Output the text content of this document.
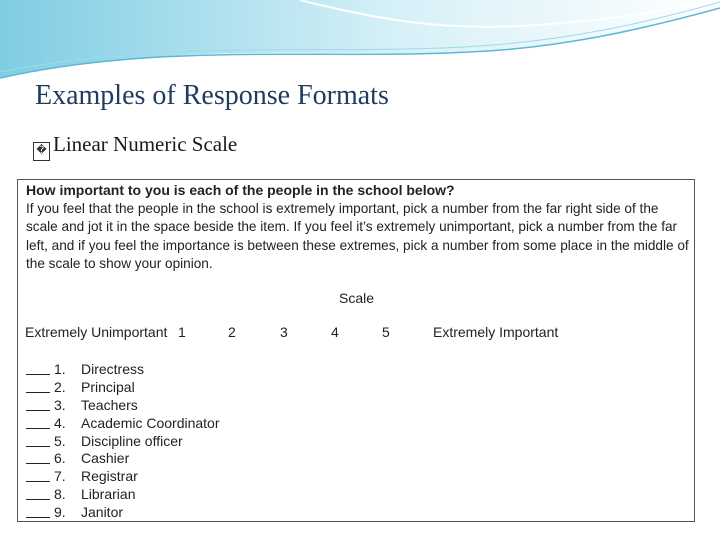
Examples of Response Formats
� Linear Numeric Scale
How important to you is each of the people in the school below?
If you feel that the people in the school is extremely important, pick a number from the far right side of the scale and jot it in the space beside the item. If you feel it’s extremely unimportant, pick a number from the far left, and if you feel the importance is between these extremes, pick a number from some place in the middle of the scale to show your opinion.
Scale
Extremely Unimportant 1	2	3	4	5	Extremely Important
1. Directress
2. Principal
3. Teachers
4. Academic Coordinator
5. Discipline officer
6. Cashier
7. Registrar
8. Librarian
9. Janitor
